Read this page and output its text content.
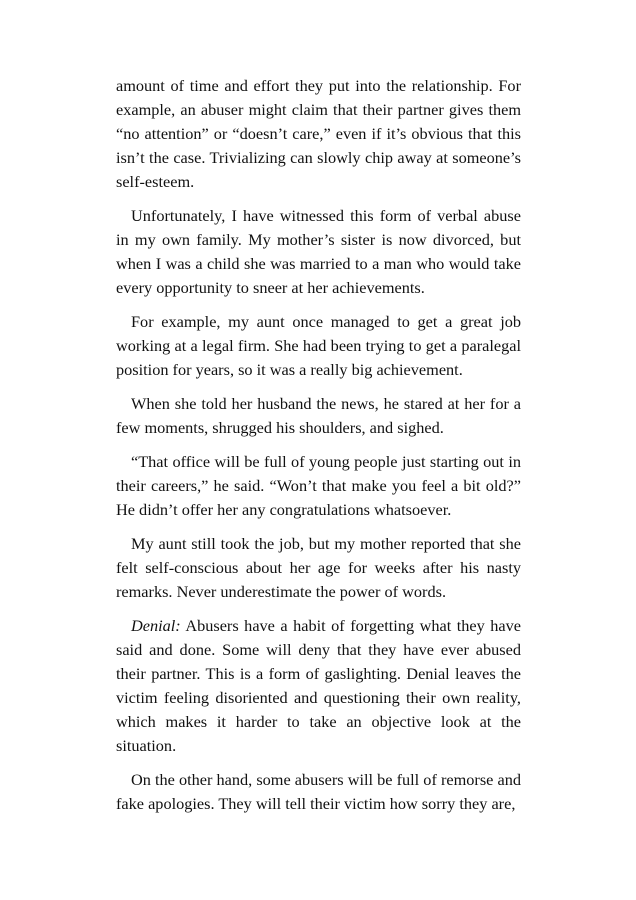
amount of time and effort they put into the relationship. For example, an abuser might claim that their partner gives them “no attention” or “doesn’t care,” even if it’s obvious that this isn’t the case. Trivializing can slowly chip away at someone’s self-esteem.

Unfortunately, I have witnessed this form of verbal abuse in my own family. My mother’s sister is now divorced, but when I was a child she was married to a man who would take every opportunity to sneer at her achievements.

For example, my aunt once managed to get a great job working at a legal firm. She had been trying to get a paralegal position for years, so it was a really big achievement.

When she told her husband the news, he stared at her for a few moments, shrugged his shoulders, and sighed.

“That office will be full of young people just starting out in their careers,” he said. “Won’t that make you feel a bit old?” He didn’t offer her any congratulations whatsoever.

My aunt still took the job, but my mother reported that she felt self-conscious about her age for weeks after his nasty remarks. Never underestimate the power of words.

Denial: Abusers have a habit of forgetting what they have said and done. Some will deny that they have ever abused their partner. This is a form of gaslighting. Denial leaves the victim feeling disoriented and questioning their own reality, which makes it harder to take an objective look at the situation.

On the other hand, some abusers will be full of remorse and fake apologies. They will tell their victim how sorry they are,
